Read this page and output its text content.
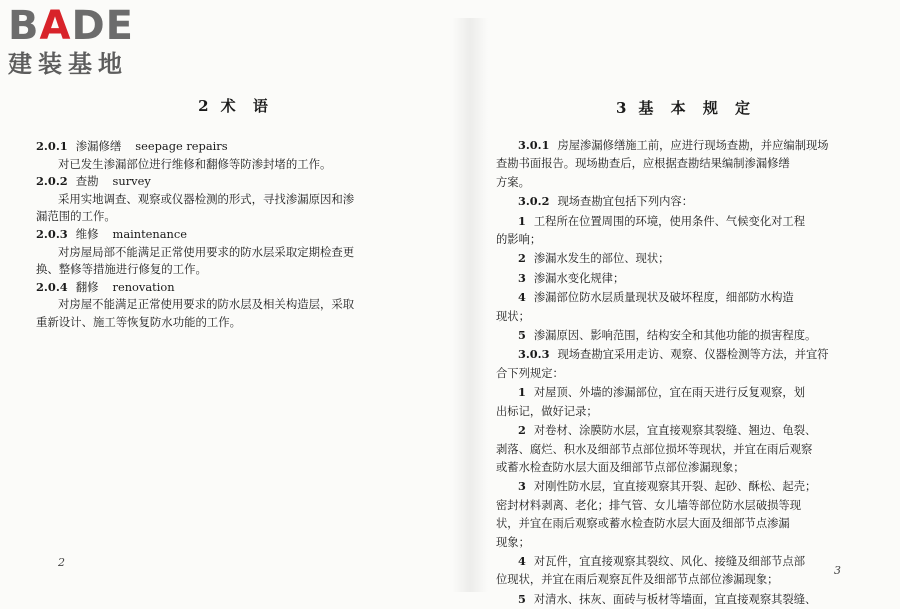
BADE
建装基地
2 术 语

2.0.1 渗漏修缮 seepage repairs

对已发生渗漏部位进行维修和翻修等防渗封堵的工作。

2.0.2 查勘 survey

采用实地调查、观察或仪器检测的形式，寻找渗漏原因和渗

漏范围的工作。

2.0.3 维修 maintenance

对房屋局部不能满足正常使用要求的防水层采取定期检查更

换、整修等措施进行修复的工作。

2.0.4 翻修 renovation

对房屋不能满足正常使用要求的防水层及相关构造层，采取

重新设计、施工等恢复防水功能的工作。

3 基 本 规 定

3.0.1 房屋渗漏修缮施工前，应进行现场查勘，并应编制现场

查勘书面报告。现场勘查后，应根据查勘结果编制渗漏修缮

方案。

3.0.2 现场查勘宜包括下列内容：

1 工程所在位置周围的环境，使用条件、气候变化对工程

的影响；

2 渗漏水发生的部位、现状；

3 渗漏水变化规律；

4 渗漏部位防水层质量现状及破坏程度，细部防水构造

现状；

5 渗漏原因、影响范围，结构安全和其他功能的损害程度。

3.0.3 现场查勘宜采用走访、观察、仪器检测等方法，并宜符

合下列规定：

1 对屋顶、外墙的渗漏部位，宜在雨天进行反复观察，划

出标记，做好记录；

2 对卷材、涂膜防水层，宜直接观察其裂缝、翘边、龟裂、

剥落、腐烂、积水及细部节点部位损坏等现状，并宜在雨后观察

或蓄水检查防水层大面及细部节点部位渗漏现象；

3 对刚性防水层，宜直接观察其开裂、起砂、酥松、起壳；

密封材料剥离、老化；排气管、女儿墙等部位防水层破损等现

状，并宜在雨后观察或蓄水检查防水层大面及细部节点渗漏

现象；

4 对瓦件，宜直接观察其裂纹、风化、接缝及细部节点部

位现状，并宜在雨后观察瓦件及细部节点部位渗漏现象；

5 对清水、抹灰、面砖与板材等墙面，宜直接观察其裂缝、

2
3
